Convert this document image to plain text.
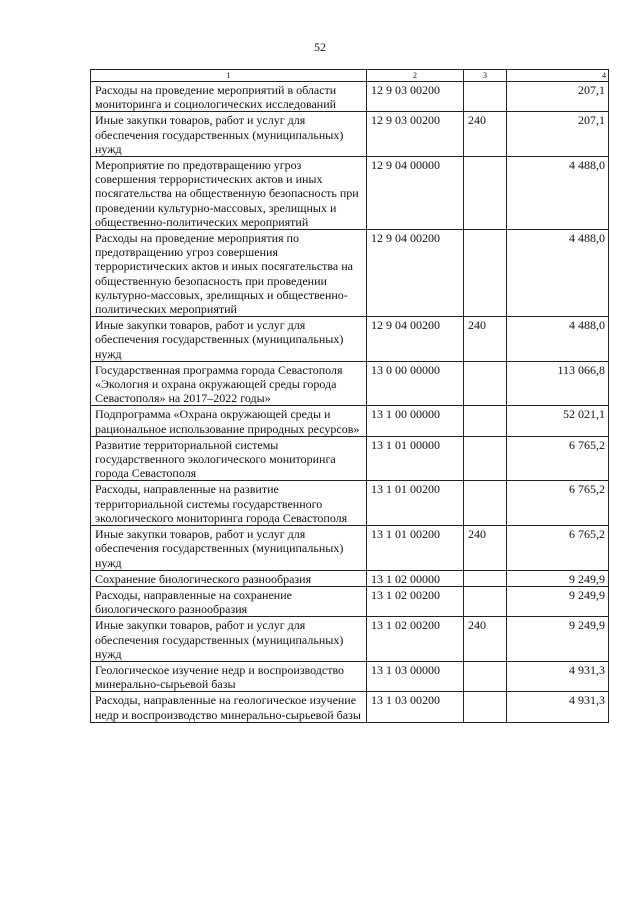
52
1	2	3	4
Расходы на проведение мероприятий в области мониторинга и социологических исследований	12 9 03 00200		207,1
Иные закупки товаров, работ и услуг для обеспечения государственных (муниципальных) нужд	12 9 03 00200	240	207,1
Мероприятие по предотвращению угроз совершения террористических актов и иных посягательства на общественную безопасность при проведении культурно-массовых, зрелищных и общественно-политических мероприятий	12 9 04 00000		4 488,0
Расходы на проведение мероприятия по предотвращению угроз совершения террористических актов и иных посягательства на общественную безопасность при проведении культурно-массовых, зрелищных и общественно-политических мероприятий	12 9 04 00200		4 488,0
Иные закупки товаров, работ и услуг для обеспечения государственных (муниципальных) нужд	12 9 04 00200	240	4 488,0
Государственная программа города Севастополя «Экология и охрана окружающей среды города Севастополя» на 2017–2022 годы»	13 0 00 00000		113 066,8
Подпрограмма «Охрана окружающей среды и рациональное использование природных ресурсов»	13 1 00 00000		52 021,1
Развитие территориальной системы государственного экологического мониторинга города Севастополя	13 1 01 00000		6 765,2
Расходы, направленные на развитие территориальной системы государственного экологического мониторинга города Севастополя	13 1 01 00200		6 765,2
Иные закупки товаров, работ и услуг для обеспечения государственных (муниципальных) нужд	13 1 01 00200	240	6 765,2
Сохранение биологического разнообразия	13 1 02 00000		9 249,9
Расходы, направленные на сохранение биологического разнообразия	13 1 02 00200		9 249,9
Иные закупки товаров, работ и услуг для обеспечения государственных (муниципальных) нужд	13 1 02 00200	240	9 249,9
Геологическое изучение недр и воспроизводство минерально-сырьевой базы	13 1 03 00000		4 931,3
Расходы, направленные на геологическое изучение недр и воспроизводство минерально-сырьевой базы	13 1 03 00200		4 931,3
